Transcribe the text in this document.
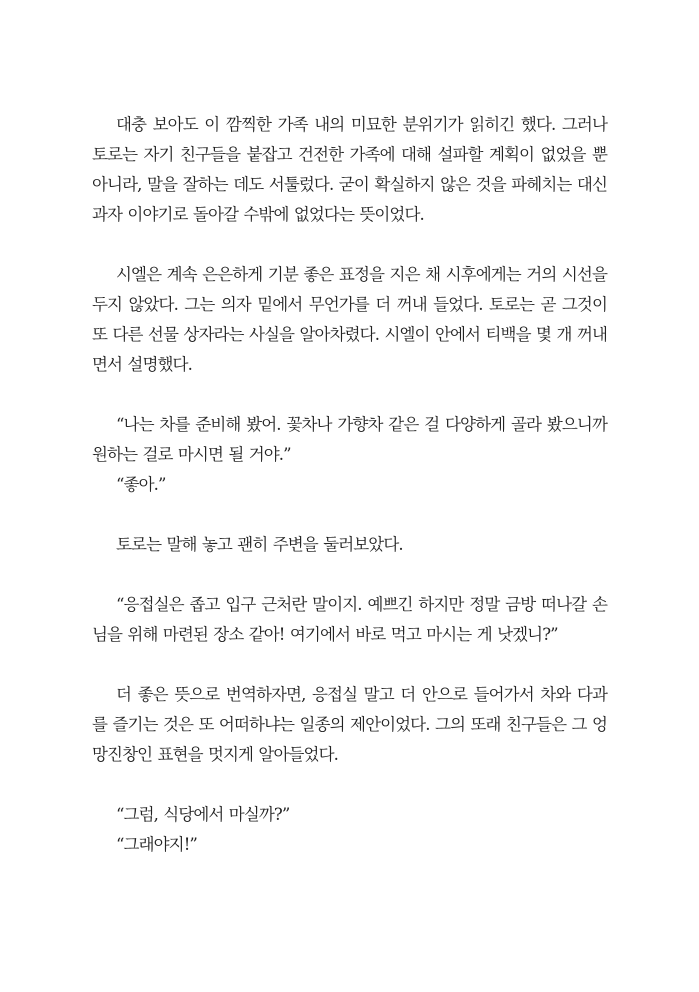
대충 보아도 이 깜찍한 가족 내의 미묘한 분위기가 읽히긴 했다. 그러나 토로는 자기 친구들을 붙잡고 건전한 가족에 대해 설파할 계획이 없었을 뿐 아니라, 말을 잘하는 데도 서툴렀다. 굳이 확실하지 않은 것을 파헤치는 대신 과자 이야기로 돌아갈 수밖에 없었다는 뜻이었다.

시엘은 계속 은은하게 기분 좋은 표정을 지은 채 시후에게는 거의 시선을 두지 않았다. 그는 의자 밑에서 무언가를 더 꺼내 들었다. 토로는 곧 그것이 또 다른 선물 상자라는 사실을 알아차렸다. 시엘이 안에서 티백을 몇 개 꺼내면서 설명했다.

“나는 차를 준비해 봤어. 꽃차나 가향차 같은 걸 다양하게 골라 봤으니까 원하는 걸로 마시면 될 거야.”

“좋아.”

토로는 말해 놓고 괜히 주변을 둘러보았다.

“응접실은 좁고 입구 근처란 말이지. 예쁘긴 하지만 정말 금방 떠나갈 손님을 위해 마련된 장소 같아! 여기에서 바로 먹고 마시는 게 낫겠니?”

더 좋은 뜻으로 번역하자면, 응접실 말고 더 안으로 들어가서 차와 다과를 즐기는 것은 또 어떠하냐는 일종의 제안이었다. 그의 또래 친구들은 그 엉망진창인 표현을 멋지게 알아들었다.

“그럼, 식당에서 마실까?”

“그래야지!”
